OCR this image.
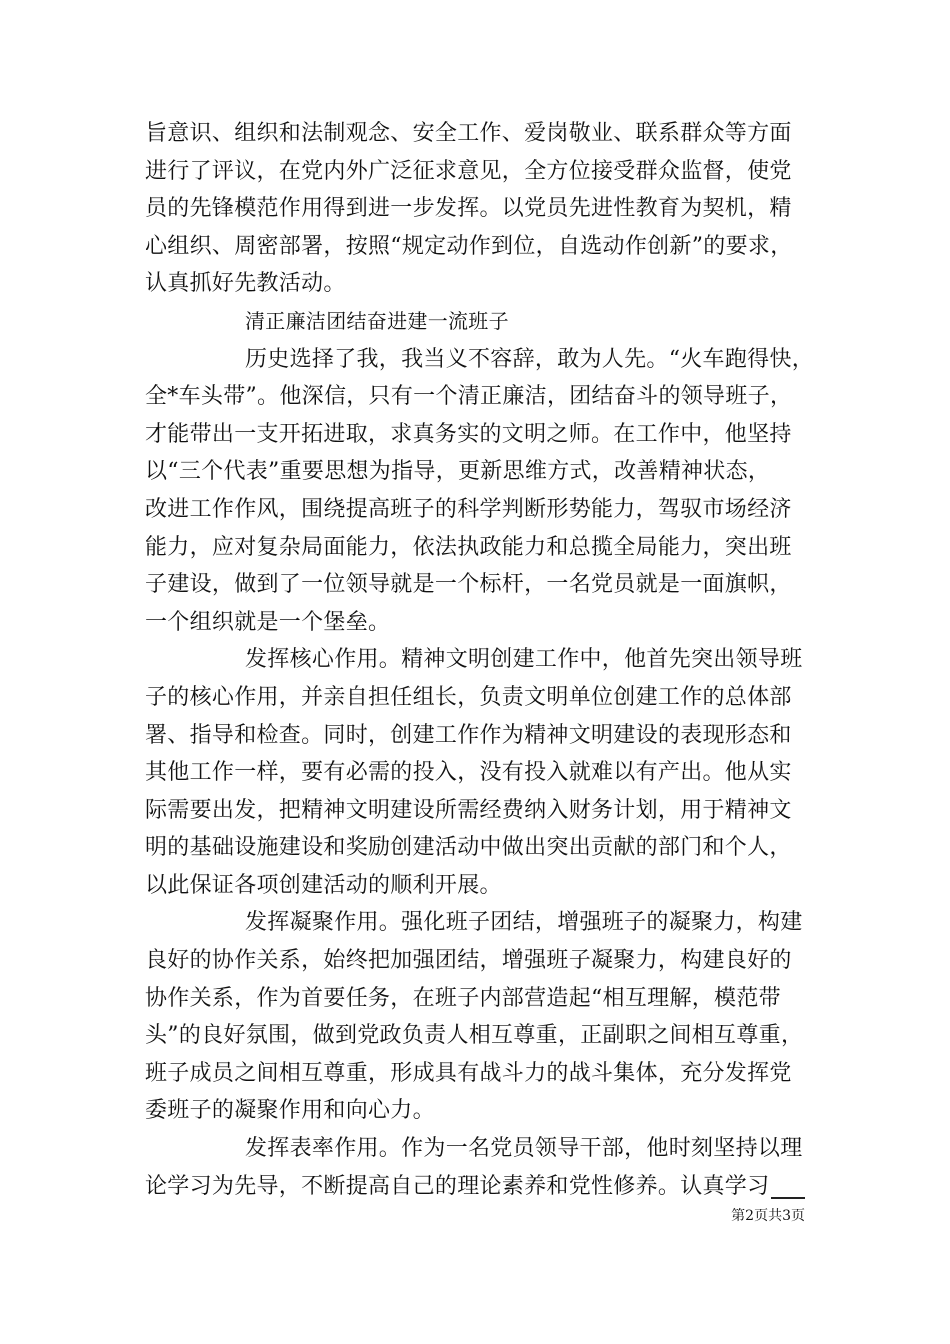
旨意识、组织和法制观念、安全工作、爱岗敬业、联系群众等方面
进行了评议，在党内外广泛征求意见，全方位接受群众监督，使党
员的先锋模范作用得到进一步发挥。以党员先进性教育为契机，精
心组织、周密部署，按照“规定动作到位，自选动作创新”的要求，
认真抓好先教活动。
清正廉洁团结奋进建一流班子
历史选择了我，我当义不容辞，敢为人先。“火车跑得快，
全*车头带”。他深信，只有一个清正廉洁，团结奋斗的领导班子，
才能带出一支开拓进取，求真务实的文明之师。在工作中，他坚持
以“三个代表”重要思想为指导，更新思维方式，改善精神状态，
改进工作作风，围绕提高班子的科学判断形势能力，驾驭市场经济
能力，应对复杂局面能力，依法执政能力和总揽全局能力，突出班
子建设，做到了一位领导就是一个标杆，一名党员就是一面旗帜，
一个组织就是一个堡垒。
发挥核心作用。精神文明创建工作中，他首先突出领导班
子的核心作用，并亲自担任组长，负责文明单位创建工作的总体部
署、指导和检查。同时，创建工作作为精神文明建设的表现形态和
其他工作一样，要有必需的投入，没有投入就难以有产出。他从实
际需要出发，把精神文明建设所需经费纳入财务计划，用于精神文
明的基础设施建设和奖励创建活动中做出突出贡献的部门和个人，
以此保证各项创建活动的顺利开展。
发挥凝聚作用。强化班子团结，增强班子的凝聚力，构建
良好的协作关系，始终把加强团结，增强班子凝聚力，构建良好的
协作关系，作为首要任务，在班子内部营造起“相互理解，模范带
头”的良好氛围，做到党政负责人相互尊重，正副职之间相互尊重，
班子成员之间相互尊重，形成具有战斗力的战斗集体，充分发挥党
委班子的凝聚作用和向心力。
发挥表率作用。作为一名党员领导干部，他时刻坚持以理
论学习为先导，不断提高自己的理论素养和党性修养。认真学习
第2页共3页
